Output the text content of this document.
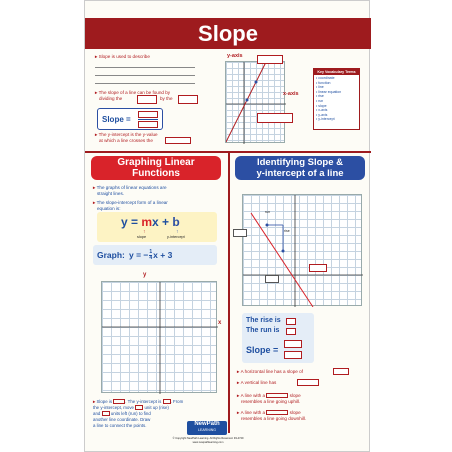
Slope
▸ Slope is used to describe
▸ The slope of a line can be found by
dividing the	by the
Slope =
▸ The y-intercept is the y-value
at which a line crosses the
y-axis
x-axis
Key Vocabulary Terms
• coordinate
• function
• line
• linear equation
• rise
• run
• slope
• x-axis
• y-axis
• y-intercept
Graphing Linear
Functions
▸ The graphs of linear equations are
straight lines.
▸ The slope-intercept form of a linear
equation is:
y = mx + b
↑	↑
slope	y-intercept
Graph: y = − $\frac{1}{4}$ x + 3
y
x
▸ Slope is	. The y-intercept is . From
the y-intercept, move unit up (rise)
and units left (run) to find
another line coordinate. Draw
a line to connect the points.
Identifying Slope &
y-intercept of a line
run
rise
The rise is
The run is
Slope =
▸ A horizontal line has a slope of
▸ A vertical line has
▸ A line with a	slope
resembles a line going uphill.
▸ A line with a	slope
resembles a line going downhill.
NewPath
LEARNING
© Copyright NewPath Learning. All Rights Reserved. 93-4749
www.newpathlearning.com
